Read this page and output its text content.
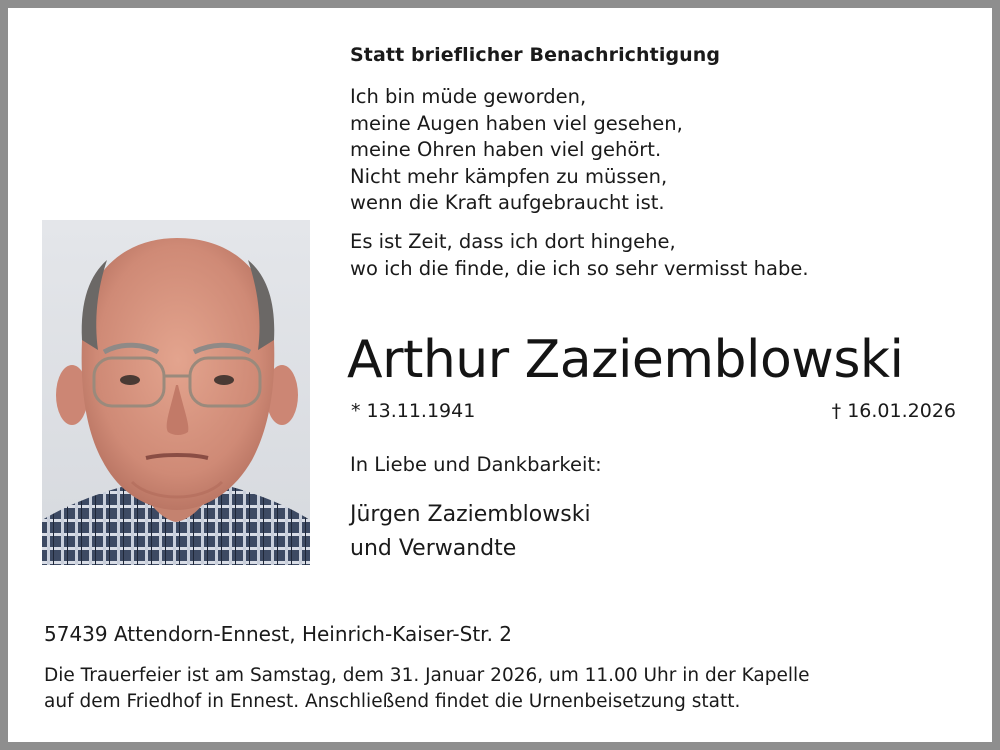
Statt brieflicher Benachrichtigung
Ich bin müde geworden,
meine Augen haben viel gesehen,
meine Ohren haben viel gehört.
Nicht mehr kämpfen zu müssen,
wenn die Kraft aufgebraucht ist.
Es ist Zeit, dass ich dort hingehe,
wo ich die finde, die ich so sehr vermisst habe.
Arthur Zaziemblowski
* 13.11.1941	† 16.01.2026
In Liebe und Dankbarkeit:
Jürgen Zaziemblowski
und Verwandte
57439 Attendorn-Ennest, Heinrich-Kaiser-Str. 2
Die Trauerfeier ist am Samstag, dem 31. Januar 2026, um 11.00 Uhr in der Kapelle
auf dem Friedhof in Ennest. Anschließend findet die Urnenbeisetzung statt.
